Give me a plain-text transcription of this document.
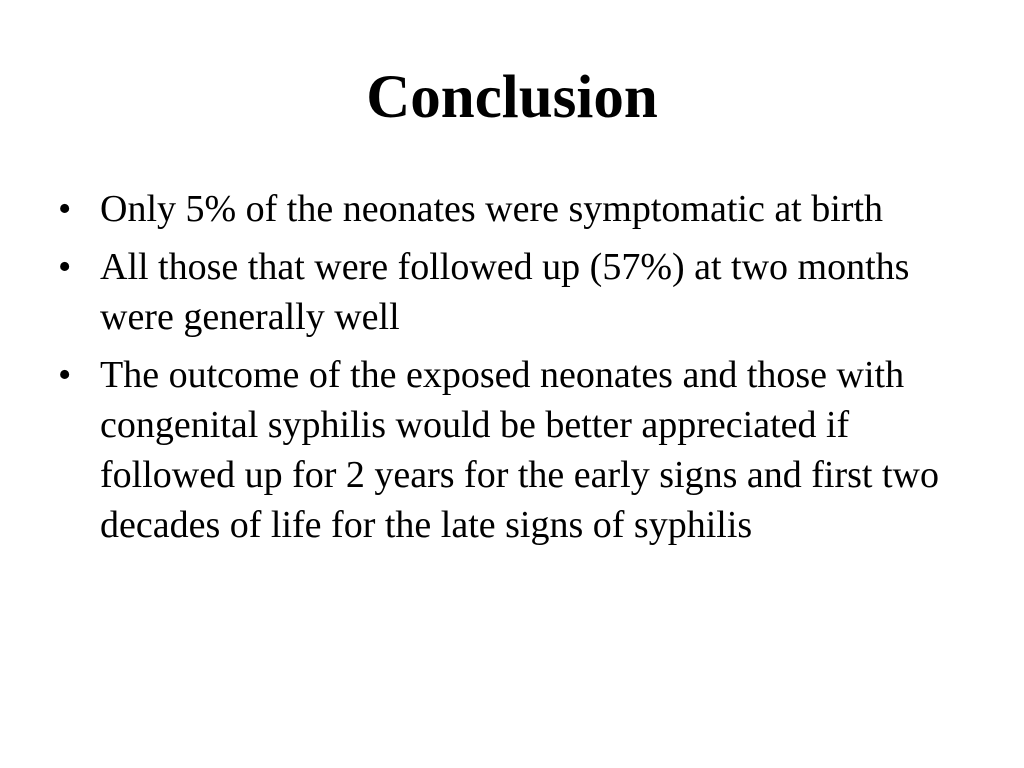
Conclusion
• Only 5% of the neonates were symptomatic at birth
• All those that were followed up (57%) at two months were generally well
• The outcome of the exposed neonates and those with congenital syphilis would be better appreciated if followed up for 2 years for the early signs and first two decades of life for the late signs of syphilis
